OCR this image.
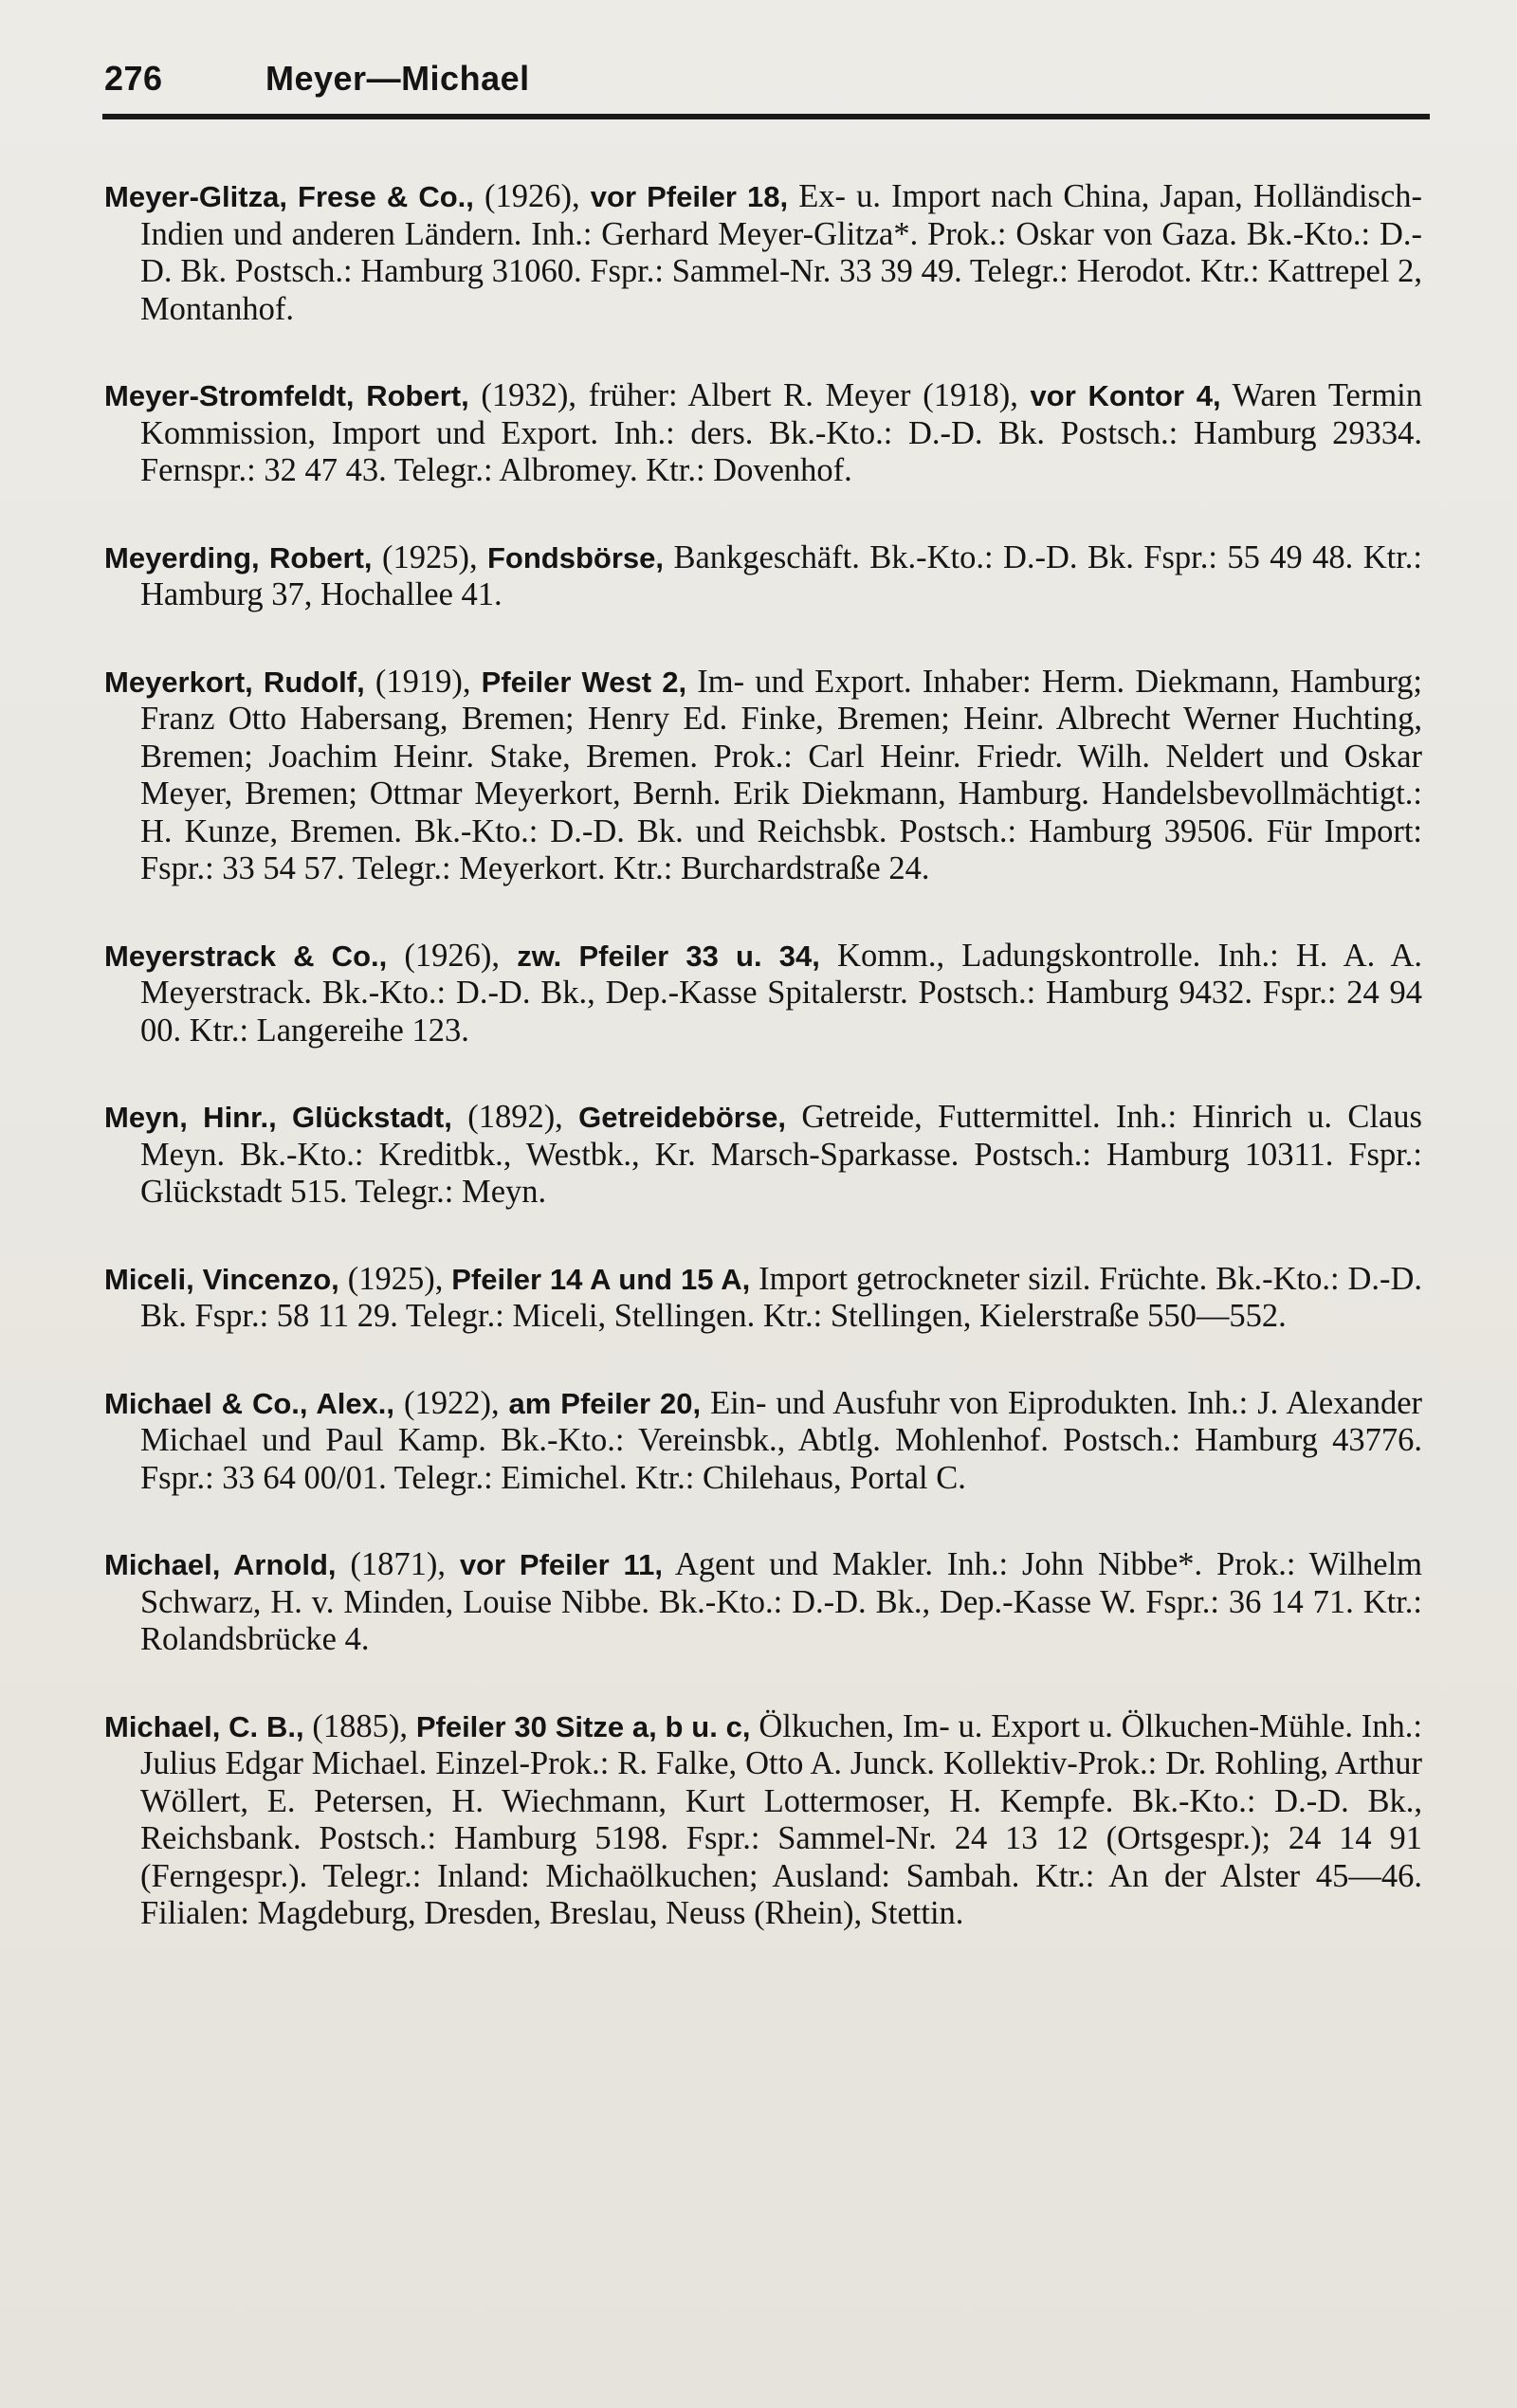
276	Meyer—Michael

Meyer-Glitza, Frese & Co., (1926), vor Pfeiler 18, Ex- u. Import nach China, Japan, Holländisch-Indien und anderen Ländern. Inh.: Gerhard Meyer-Glitza*. Prok.: Oskar von Gaza. Bk.-Kto.: D.-D. Bk. Postsch.: Hamburg 31060. Fspr.: Sammel-Nr. 33 39 49. Telegr.: Herodot. Ktr.: Kattrepel 2, Montanhof.

Meyer-Stromfeldt, Robert, (1932), früher: Albert R. Meyer (1918), vor Kontor 4, Waren Termin Kommission, Import und Export. Inh.: ders. Bk.-Kto.: D.-D. Bk. Postsch.: Hamburg 29334. Fernspr.: 32 47 43. Telegr.: Albromey. Ktr.: Dovenhof.

Meyerding, Robert, (1925), Fondsbörse, Bankgeschäft. Bk.-Kto.: D.-D. Bk. Fspr.: 55 49 48. Ktr.: Hamburg 37, Hochallee 41.

Meyerkort, Rudolf, (1919), Pfeiler West 2, Im- und Export. Inhaber: Herm. Diekmann, Hamburg; Franz Otto Habersang, Bremen; Henry Ed. Finke, Bremen; Heinr. Albrecht Werner Huchting, Bremen; Joachim Heinr. Stake, Bremen. Prok.: Carl Heinr. Friedr. Wilh. Neldert und Oskar Meyer, Bremen; Ottmar Meyerkort, Bernh. Erik Diekmann, Hamburg. Handelsbevollmächtigt.: H. Kunze, Bremen. Bk.-Kto.: D.-D. Bk. und Reichsbk. Postsch.: Hamburg 39506. Für Import: Fspr.: 33 54 57. Telegr.: Meyerkort. Ktr.: Burchardstraße 24.

Meyerstrack & Co., (1926), zw. Pfeiler 33 u. 34, Komm., Ladungskontrolle. Inh.: H. A. A. Meyerstrack. Bk.-Kto.: D.-D. Bk., Dep.-Kasse Spitalerstr. Postsch.: Hamburg 9432. Fspr.: 24 94 00. Ktr.: Langereihe 123.

Meyn, Hinr., Glückstadt, (1892), Getreidebörse, Getreide, Futtermittel. Inh.: Hinrich u. Claus Meyn. Bk.-Kto.: Kreditbk., Westbk., Kr. Marsch-Sparkasse. Postsch.: Hamburg 10311. Fspr.: Glückstadt 515. Telegr.: Meyn.

Miceli, Vincenzo, (1925), Pfeiler 14 A und 15 A, Import getrockneter sizil. Früchte. Bk.-Kto.: D.-D. Bk. Fspr.: 58 11 29. Telegr.: Miceli, Stellingen. Ktr.: Stellingen, Kielerstraße 550—552.

Michael & Co., Alex., (1922), am Pfeiler 20, Ein- und Ausfuhr von Eiprodukten. Inh.: J. Alexander Michael und Paul Kamp. Bk.-Kto.: Vereinsbk., Abtlg. Mohlenhof. Postsch.: Hamburg 43776. Fspr.: 33 64 00/01. Telegr.: Eimichel. Ktr.: Chilehaus, Portal C.

Michael, Arnold, (1871), vor Pfeiler 11, Agent und Makler. Inh.: John Nibbe*. Prok.: Wilhelm Schwarz, H. v. Minden, Louise Nibbe. Bk.-Kto.: D.-D. Bk., Dep.-Kasse W. Fspr.: 36 14 71. Ktr.: Rolandsbrücke 4.

Michael, C. B., (1885), Pfeiler 30 Sitze a, b u. c, Ölkuchen, Im- u. Export u. Ölkuchen-Mühle. Inh.: Julius Edgar Michael. Einzel-Prok.: R. Falke, Otto A. Junck. Kollektiv-Prok.: Dr. Rohling, Arthur Wöllert, E. Petersen, H. Wiechmann, Kurt Lottermoser, H. Kempfe. Bk.-Kto.: D.-D. Bk., Reichsbank. Postsch.: Hamburg 5198. Fspr.: Sammel-Nr. 24 13 12 (Ortsgespr.); 24 14 91 (Ferngespr.). Telegr.: Inland: Michaölkuchen; Ausland: Sambah. Ktr.: An der Alster 45—46. Filialen: Magdeburg, Dresden, Breslau, Neuss (Rhein), Stettin.
